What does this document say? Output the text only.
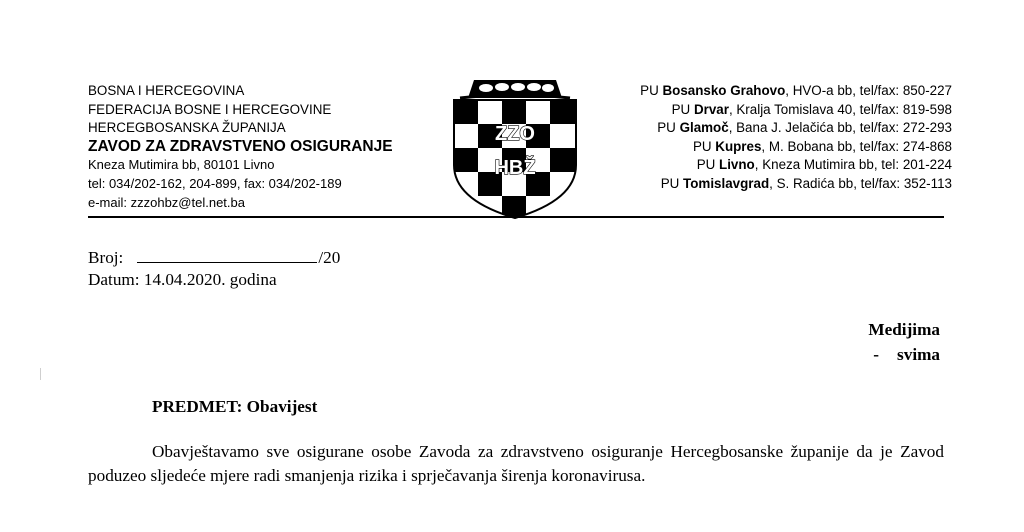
BOSNA I HERCEGOVINA
FEDERACIJA BOSNE I HERCEGOVINE
HERCEGBOSANSKA ŽUPANIJA
ZAVOD ZA ZDRAVSTVENO OSIGURANJE
Kneza Mutimira bb, 80101 Livno
tel: 034/202-162, 204-899, fax: 034/202-189
e-mail: zzzohbz@tel.net.ba
ZZO
HBŽ
PU Bosansko Grahovo, HVO-a bb, tel/fax: 850-227
PU Drvar, Kralja Tomislava 40, tel/fax: 819-598
PU Glamoč, Bana J. Jelačića bb, tel/fax: 272-293
PU Kupres, M. Bobana bb, tel/fax: 274-868
PU Livno, Kneza Mutimira bb, tel: 201-224
PU Tomislavgrad, S. Radića bb, tel/fax: 352-113
Broj:	/20
Datum: 14.04.2020. godina
Medijima
- svima
PREDMET: Obavijest
Obavještavamo sve osigurane osobe Zavoda za zdravstveno osiguranje Hercegbosanske županije da je Zavod poduzeo sljedeće mjere radi smanjenja rizika i sprječavanja širenja koronavirusa.
